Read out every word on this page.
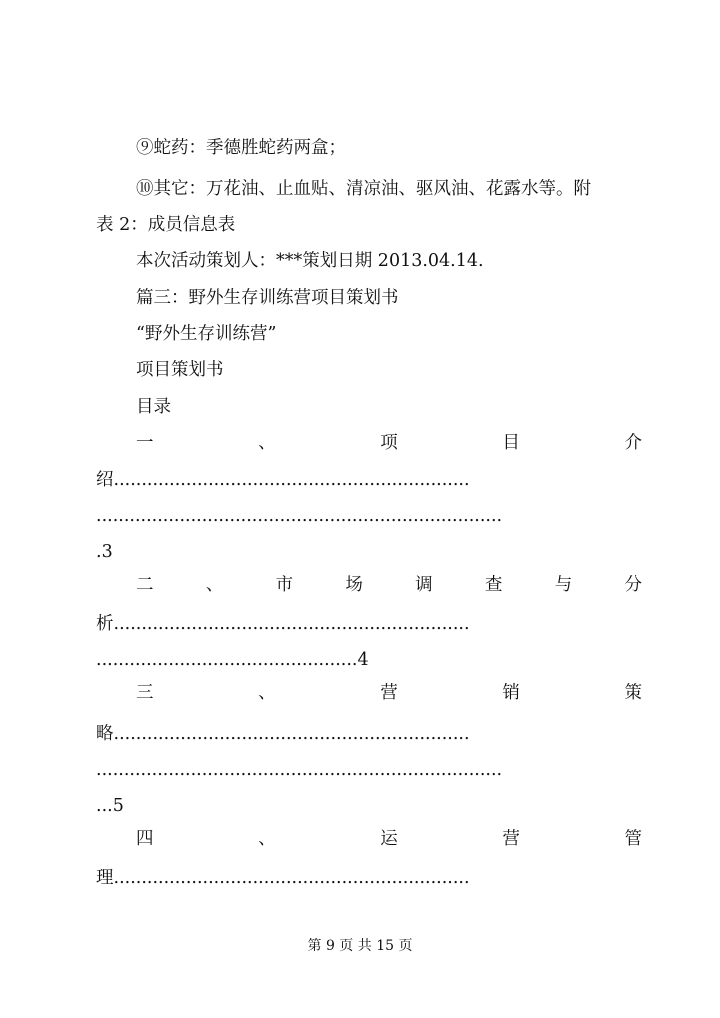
⑨蛇药：季德胜蛇药两盒；
⑩其它：万花油、止血贴、清凉油、驱风油、花露水等。附
表 2：成员信息表
本次活动策划人：***策划日期 2013.04.14.
篇三：野外生存训练营项目策划书
“野外生存训练营”
项目策划书
目录
一	、	项	目	介
绍................................................................
.........................................................................
.3
二	、	市	场	调	查	与	分
析................................................................
...............................................4
三	、	营	销	策
略................................................................
.........................................................................
...5
四	、	运	营	管
理................................................................
第 9 页 共 15 页
